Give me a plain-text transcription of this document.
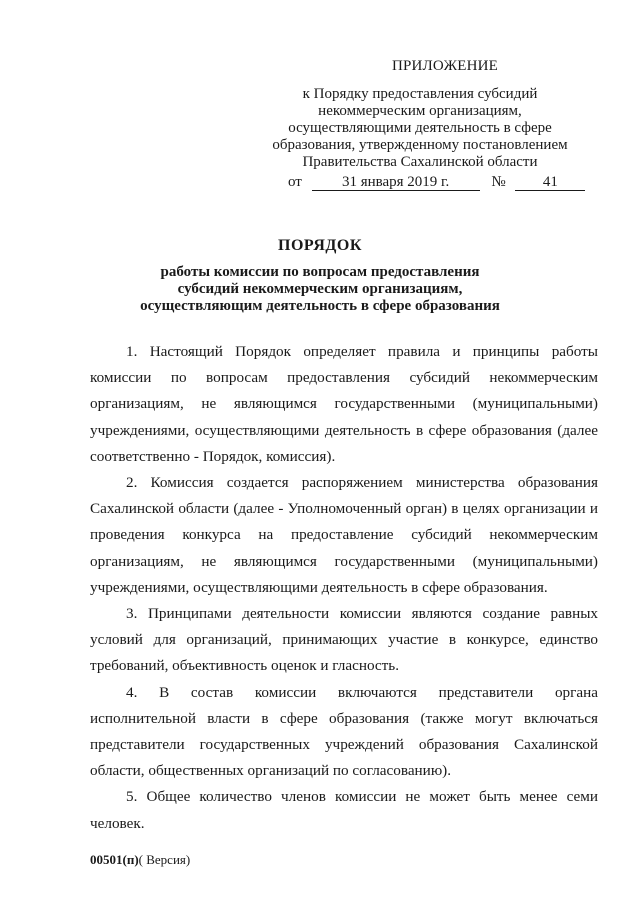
ПРИЛОЖЕНИЕ
к Порядку предоставления субсидий
некоммерческим организациям,
осуществляющими деятельность в сфере
образования, утвержденному постановлением
Правительства Сахалинской области
от	31 января 2019 г.	№ 41
ПОРЯДОК
работы комиссии по вопросам предоставления
субсидий некоммерческим организациям,
осуществляющим деятельность в сфере образования

1. Настоящий Порядок определяет правила и принципы работы комиссии по вопросам предоставления субсидий некоммерческим организациям, не являющимся государственными (муниципальными) учреждениями, осуществляющими деятельность в сфере образования (далее соответственно - Порядок, комиссия).

2. Комиссия создается распоряжением министерства образования Сахалинской области (далее - Уполномоченный орган) в целях организации и проведения конкурса на предоставление субсидий некоммерческим организациям, не являющимся государственными (муниципальными) учреждениями, осуществляющими деятельность в сфере образования.

3. Принципами деятельности комиссии являются создание равных условий для организаций, принимающих участие в конкурсе, единство требований, объективность оценок и гласность.

4. В состав комиссии включаются представители органа исполнительной власти в сфере образования (также могут включаться представители государственных учреждений образования Сахалинской области, общественных организаций по согласованию).

5. Общее количество членов комиссии не может быть менее семи человек.

00501(п)( Версия)
